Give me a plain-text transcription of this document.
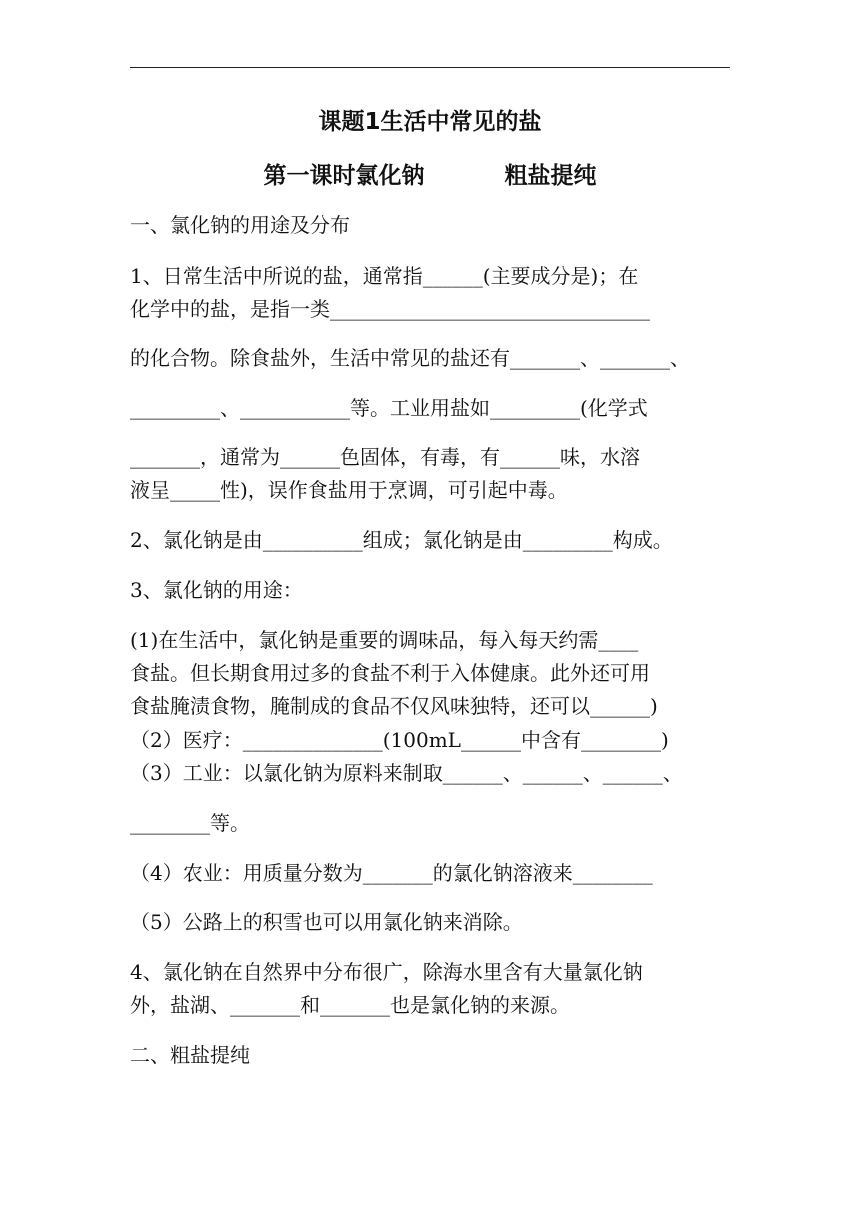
课题1生活中常见的盐
第一课时氯化钠          粗盐提纯
一、氯化钠的用途及分布
1、日常生活中所说的盐，通常指______(主要成分是)；在
化学中的盐，是指一类________________________________
的化合物。除食盐外，生活中常见的盐还有_______、_______、
_________、___________等。工业用盐如_________(化学式
_______，通常为______色固体，有毒，有______味，水溶
液呈_____性)，误作食盐用于烹调，可引起中毒。
2、氯化钠是由__________组成；氯化钠是由_________构成。
3、氯化钠的用途：
(1)在生活中，氯化钠是重要的调味品，每入每天约需____
食盐。但长期食用过多的食盐不利于入体健康。此外还可用
食盐腌渍食物，腌制成的食品不仅风味独特，还可以______)
（2）医疗：______________(100mL______中含有________)
（3）工业：以氯化钠为原料来制取______、______、______、
________等。
（4）农业：用质量分数为_______的氯化钠溶液来________
（5）公路上的积雪也可以用氯化钠来消除。
4、氯化钠在自然界中分布很广，除海水里含有大量氯化钠
外，盐湖、_______和_______也是氯化钠的来源。
二、粗盐提纯
